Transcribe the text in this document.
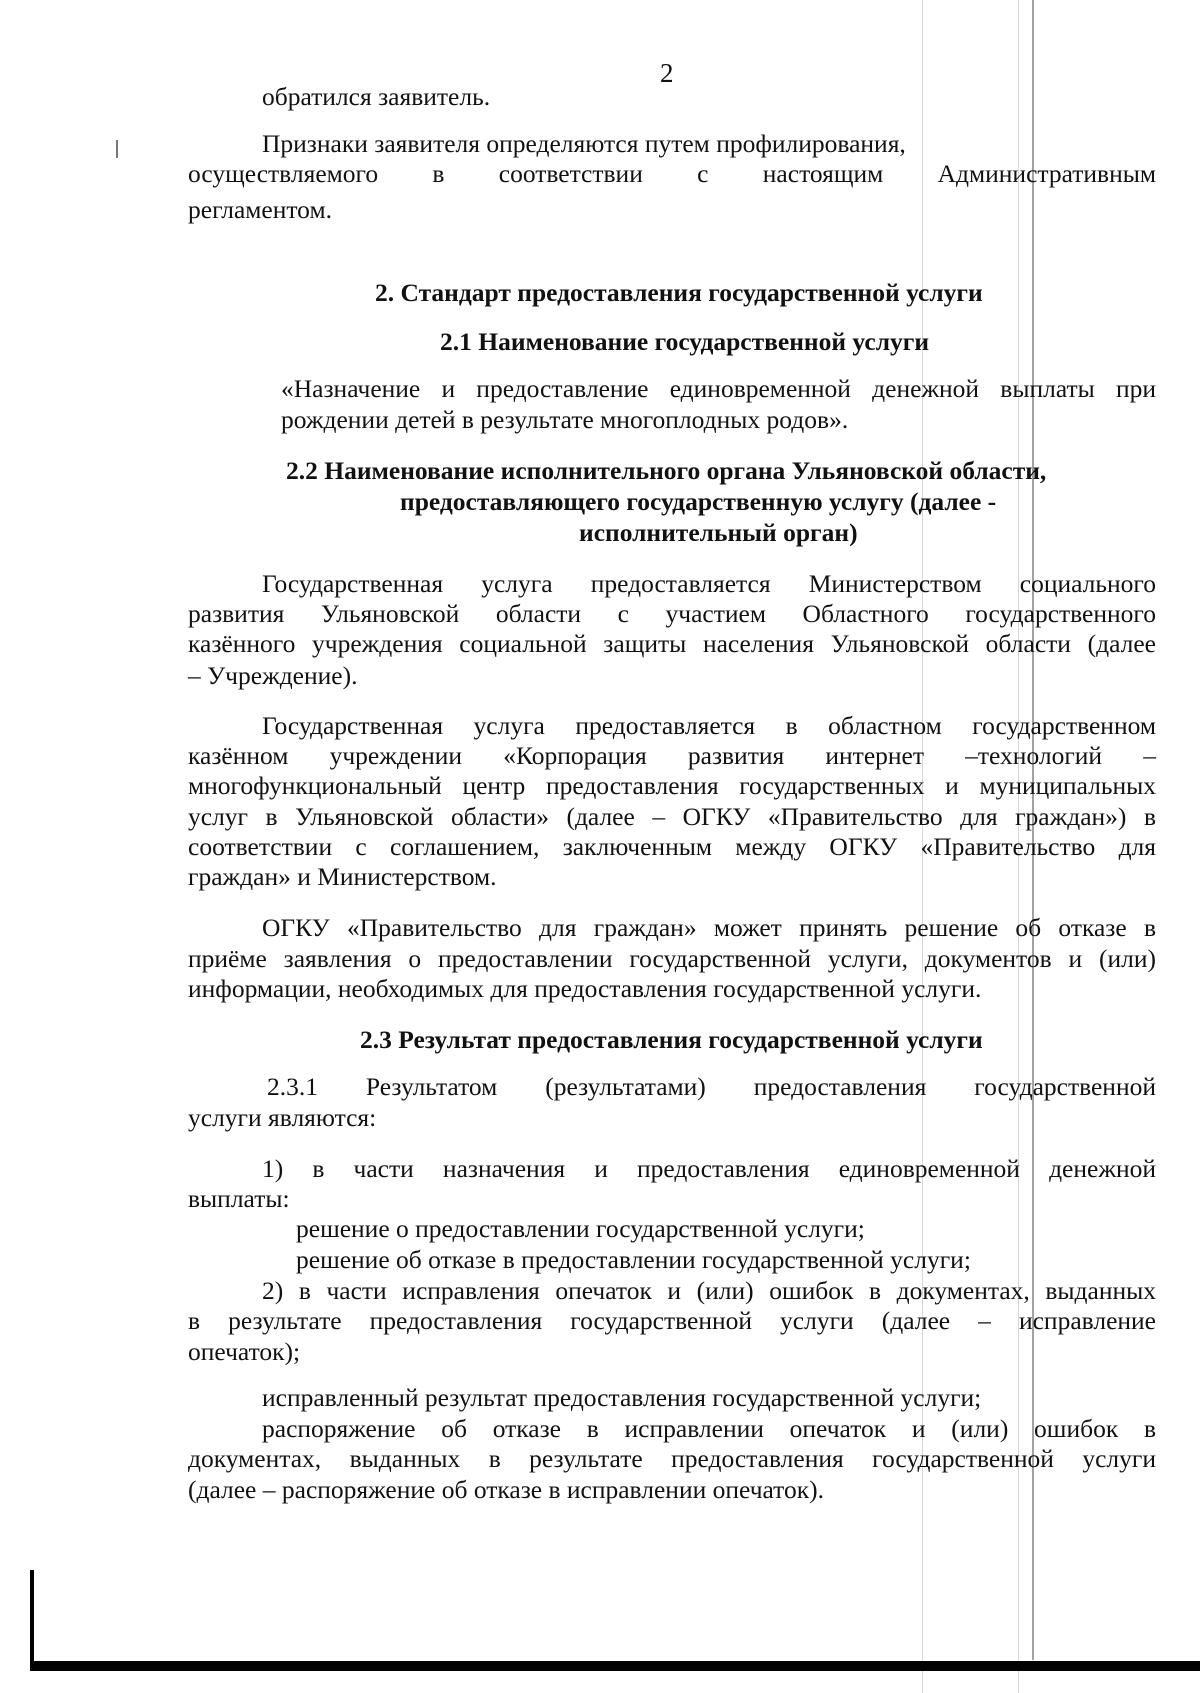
2
обратился заявитель.
Признаки заявителя определяются путем профилирования,
осуществляемого в соответствии с настоящим Административным
регламентом.
2. Стандарт предоставления государственной услуги
2.1 Наименование государственной услуги
«Назначение и предоставление единовременной денежной выплаты при
рождении детей в результате многоплодных родов».
2.2 Наименование исполнительного органа Ульяновской области,
предоставляющего государственную услугу (далее -
исполнительный орган)
Государственная услуга предоставляется Министерством социального
развития Ульяновской области с участием Областного государственного
казённого учреждения социальной защиты населения Ульяновской области (далее
– Учреждение).
Государственная услуга предоставляется в областном государственном
казённом учреждении «Корпорация развития интернет –технологий –
многофункциональный центр предоставления государственных и муниципальных
услуг в Ульяновской области» (далее – ОГКУ «Правительство для граждан») в
соответствии с соглашением, заключенным между ОГКУ «Правительство для
граждан» и Министерством.
ОГКУ «Правительство для граждан» может принять решение об отказе в
приёме заявления о предоставлении государственной услуги, документов и (или)
информации, необходимых для предоставления государственной услуги.
2.3 Результат предоставления государственной услуги
2.3.1 Результатом (результатами) предоставления государственной
услуги являются:
1) в части назначения и предоставления единовременной денежной
выплаты:
решение о предоставлении государственной услуги;
решение об отказе в предоставлении государственной услуги;
2) в части исправления опечаток и (или) ошибок в документах, выданных
в результате предоставления государственной услуги (далее – исправление
опечаток);
исправленный результат предоставления государственной услуги;
распоряжение об отказе в исправлении опечаток и (или) ошибок в
документах, выданных в результате предоставления государственной услуги
(далее – распоряжение об отказе в исправлении опечаток).
